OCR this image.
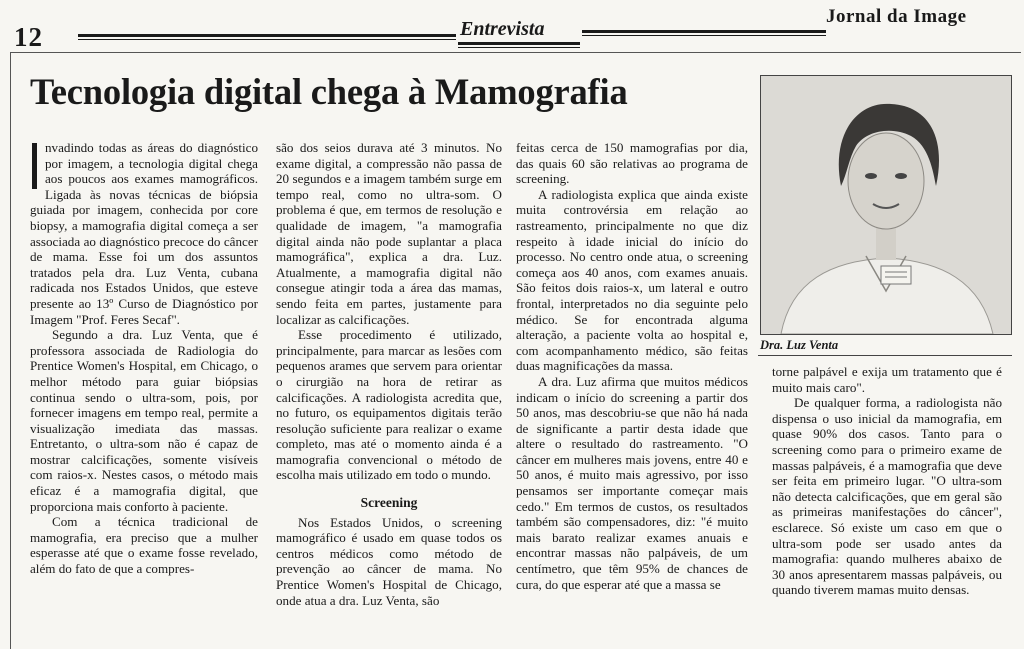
12	Entrevista
Jornal da Image
Tecnologia digital chega à Mamografia

nvadindo todas as áreas do diagnóstico por imagem, a tecnologia digital chega aos poucos aos exames mamográficos. Ligada às novas técnicas de biópsia guiada por imagem, conhecida por core biopsy, a mamografia digital começa a ser associada ao diagnóstico precoce do câncer de mama. Esse foi um dos assuntos tratados pela dra. Luz Venta, cubana radicada nos Estados Unidos, que esteve presente ao 13º Curso de Diagnóstico por Imagem "Prof. Feres Secaf".

Segundo a dra. Luz Venta, que é professora associada de Radiologia do Prentice Women's Hospital, em Chicago, o melhor método para guiar biópsias continua sendo o ultra-som, pois, por fornecer imagens em tempo real, permite a visualização imediata das massas. Entretanto, o ultra-som não é capaz de mostrar calcificações, somente visíveis com raios-x. Nestes casos, o método mais eficaz é a mamografia digital, que proporciona mais conforto à paciente.

Com a técnica tradicional de mamografia, era preciso que a mulher esperasse até que o exame fosse revelado, além do fato de que a compres-

são dos seios durava até 3 minutos. No exame digital, a compressão não passa de 20 segundos e a imagem também surge em tempo real, como no ultra-som. O problema é que, em termos de resolução e qualidade de imagem, "a mamografia digital ainda não pode suplantar a placa mamográfica", explica a dra. Luz. Atualmente, a mamografia digital não consegue atingir toda a área das mamas, sendo feita em partes, justamente para localizar as calcificações.

Esse procedimento é utilizado, principalmente, para marcar as lesões com pequenos arames que servem para orientar o cirurgião na hora de retirar as calcificações. A radiologista acredita que, no futuro, os equipamentos digitais terão resolução suficiente para realizar o exame completo, mas até o momento ainda é a mamografia convencional o método de escolha mais utilizado em todo o mundo.

Screening

Nos Estados Unidos, o screening mamográfico é usado em quase todos os centros médicos como método de prevenção ao câncer de mama. No Prentice Women's Hospital de Chicago, onde atua a dra. Luz Venta, são

feitas cerca de 150 mamografias por dia, das quais 60 são relativas ao programa de screening.

A radiologista explica que ainda existe muita controvérsia em relação ao rastreamento, principalmente no que diz respeito à idade inicial do início do processo. No centro onde atua, o screening começa aos 40 anos, com exames anuais. São feitos dois raios-x, um lateral e outro frontal, interpretados no dia seguinte pelo médico. Se for encontrada alguma alteração, a paciente volta ao hospital e, com acompanhamento médico, são feitas duas magnificações da massa.

A dra. Luz afirma que muitos médicos indicam o início do screening a partir dos 50 anos, mas descobriu-se que não há nada de significante a partir desta idade que altere o resultado do rastreamento. "O câncer em mulheres mais jovens, entre 40 e 50 anos, é muito mais agressivo, por isso pensamos ser importante começar mais cedo." Em termos de custos, os resultados também são compensadores, diz: "é muito mais barato realizar exames anuais e encontrar massas não palpáveis, de um centímetro, que têm 95% de chances de cura, do que esperar até que a massa se

Dra. Luz Venta

torne palpável e exija um tratamento que é muito mais caro".

De qualquer forma, a radiologista não dispensa o uso inicial da mamografia, em quase 90% dos casos. Tanto para o screening como para o primeiro exame de massas palpáveis, é a mamografia que deve ser feita em primeiro lugar. "O ultra-som não detecta calcificações, que em geral são as primeiras manifestações do câncer", esclarece. Só existe um caso em que o ultra-som pode ser usado antes da mamografia: quando mulheres abaixo de 30 anos apresentarem massas palpáveis, ou quando tiverem mamas muito densas.
